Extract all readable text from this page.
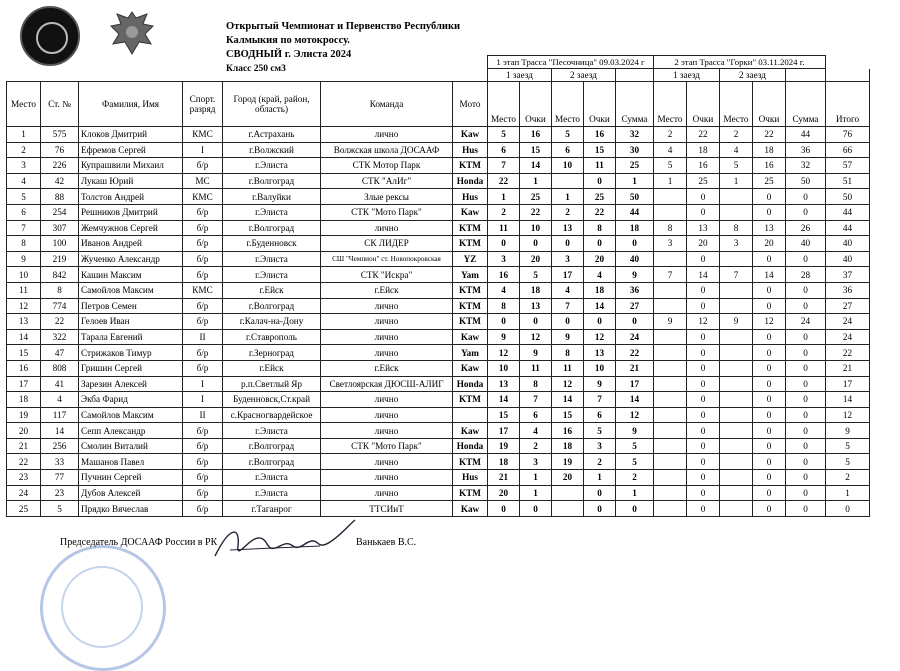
Открытый Чемпионат и Первенство Республики
Калмыкия по мотокроссу.
СВОДНЫЙ г. Элиста 2024
Класс 250 см3
							1 этап Трасса "Песочница" 09.03.2024 г					2 этап Трасса "Горки" 03.11.2024 г.					
							1 заезд		2 заезд			1 заезд		2 заезд			
Место	Ст. №	Фамилия, Имя	Спорт. разряд	Город (край, район, область)	Команда	Мото	Место	Очки	Место	Очки	Сумма	Место	Очки	Место	Очки	Сумма	Итого
1	575	Клоков Дмитрий	КМС	г.Астрахань	лично	Kaw	5	16	5	16	32	2	22	2	22	44	76
2	76	Ефремов Сергей	I	г.Волжский	Волжская школа ДОСААФ	Hus	6	15	6	15	30	4	18	4	18	36	66
3	226	Купрашвили Михаил	б/р	г.Элиста	СТК Мотор Парк	KTM	7	14	10	11	25	5	16	5	16	32	57
4	42	Лукаш Юрий	МС	г.Волгоград	СТК "АлИг"	Honda	22	1		0	1	1	25	1	25	50	51
5	88	Толстов Андрей	КМС	г.Валуйки	Злые рексы	Hus	1	25	1	25	50		0		0	0	50
6	254	Решников Дмитрий	б/р	г.Элиста	СТК "Мото Парк"	Kaw	2	22	2	22	44		0		0	0	44
7	307	Жемчужнов Сергей	б/р	г.Волгоград	лично	KTM	11	10	13	8	18	8	13	8	13	26	44
8	100	Иванов Андрей	б/р	г.Буденновск	СК ЛИДЕР	KTM	0	0	0	0	0	3	20	3	20	40	40
9	219	Жученко Александр	б/р	г.Элиста	СШ "Чемпион" ст. Новопокровская	YZ	3	20	3	20	40		0		0	0	40
10	842	Кашин Максим	б/р	г.Элиста	СТК "Искра"	Yam	16	5	17	4	9	7	14	7	14	28	37
11	8	Самойлов Максим	КМС	г.Ейск	г.Ейск	KTM	4	18	4	18	36		0		0	0	36
12	774	Петров Семен	б/р	г.Волгоград	лично	KTM	8	13	7	14	27		0		0	0	27
13	22	Гелоев Иван	б/р	г.Калач-на-Дону	лично	KTM	0	0	0	0	0	9	12	9	12	24	24
14	322	Тарала Евгений	II	г.Ставрополь	лично	Kaw	9	12	9	12	24		0		0	0	24
15	47	Стрижаков Тимур	б/р	г.Зерноград	лично	Yam	12	9	8	13	22		0		0	0	22
16	808	Гришин Сергей	б/р	г.Ейск	г.Ейск	Kaw	10	11	11	10	21		0		0	0	21
17	41	Зарезин Алексей	I	р.п.Светлый Яр	Светлоярская ДЮСШ-АЛИГ	Honda	13	8	12	9	17		0		0	0	17
18	4	Экба Фарид	I	Буденновск,Ст.край	лично	KTM	14	7	14	7	14		0		0	0	14
19	117	Самойлов Максим	II	с.Красногвардейское	лично		15	6	15	6	12		0		0	0	12
20	14	Сепп Александр	б/р	г.Элиста	лично	Kaw	17	4	16	5	9		0		0	0	9
21	256	Смолин Виталий	б/р	г.Волгоград	СТК "Мото Парк"	Honda	19	2	18	3	5		0		0	0	5
22	33	Машанов Павел	б/р	г.Волгоград	лично	KTM	18	3	19	2	5		0		0	0	5
23	77	Пучнин Сергей	б/р	г.Элиста	лично	Hus	21	1	20	1	2		0		0	0	2
24	23	Дубов Алексей	б/р	г.Элиста	лично	KTM	20	1		0	1		0		0	0	1
25	5	Прядко Вячеслав	б/р	г.Таганрог	ТТСИиТ	Kaw	0	0		0	0		0		0	0	0
Председатель ДОСААФ России в РК	Ванькаев В.С.
